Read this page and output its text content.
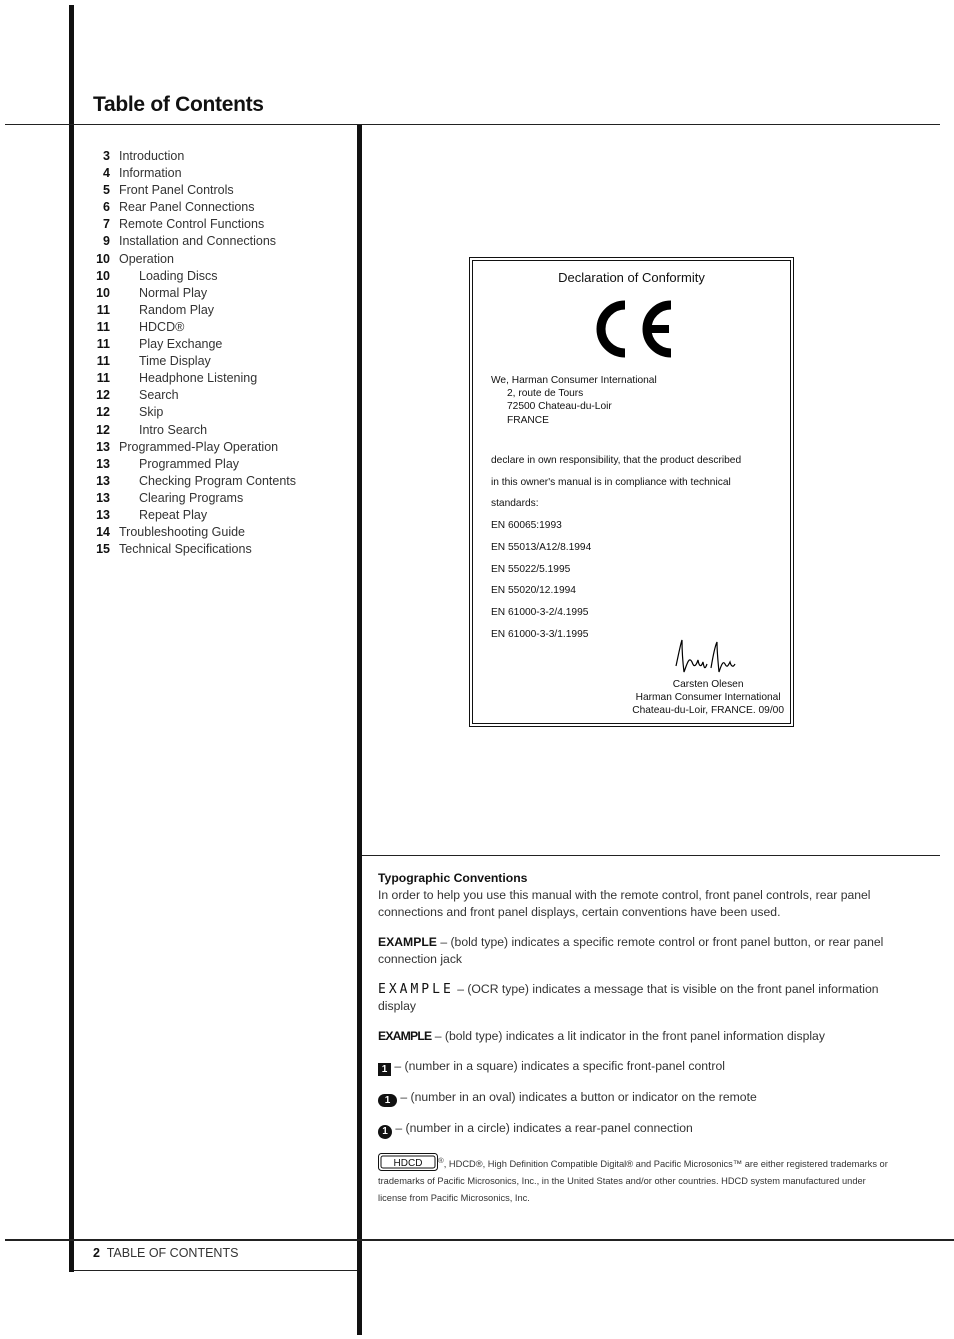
Table of Contents
3 Introduction
4 Information
5 Front Panel Controls
6 Rear Panel Connections
7 Remote Control Functions
9 Installation and Connections
10 Operation
10 Loading Discs
10 Normal Play
11 Random Play
11 HDCD®
11 Play Exchange
11 Time Display
11 Headphone Listening
12 Search
12 Skip
12 Intro Search
13 Programmed-Play Operation
13 Programmed Play
13 Checking Program Contents
13 Clearing Programs
13 Repeat Play
14 Troubleshooting Guide
15 Technical Specifications
Declaration of Conformity
We, Harman Consumer International
2, route de Tours
72500 Chateau-du-Loir
FRANCE
declare in own responsibility, that the product described
in this owner's manual is in compliance with technical
standards:
EN 60065:1993
EN 55013/A12/8.1994
EN 55022/5.1995
EN 55020/12.1994
EN 61000-3-2/4.1995
EN 61000-3-3/1.1995
Carsten Olesen
Harman Consumer International
Chateau-du-Loir, FRANCE. 09/00

Typographic Conventions
In order to help you use this manual with the remote control, front panel controls, rear panel connections and front panel displays, certain conventions have been used.

EXAMPLE – (bold type) indicates a specific remote control or front panel button, or rear panel connection jack

EXAMPLE – (OCR type) indicates a message that is visible on the front panel information display

EXAMPLE – (bold type) indicates a lit indicator in the front panel information display

1 – (number in a square) indicates a specific front-panel control

1 – (number in an oval) indicates a button or indicator on the remote

1 – (number in a circle) indicates a rear-panel connection

HDCD ®, HDCD®, High Definition Compatible Digital® and Pacific Microsonics™ are either registered trademarks or trademarks of Pacific Microsonics, Inc., in the United States and/or other countries. HDCD system manufactured under license from Pacific Microsonics, Inc.
2 TABLE OF CONTENTS
